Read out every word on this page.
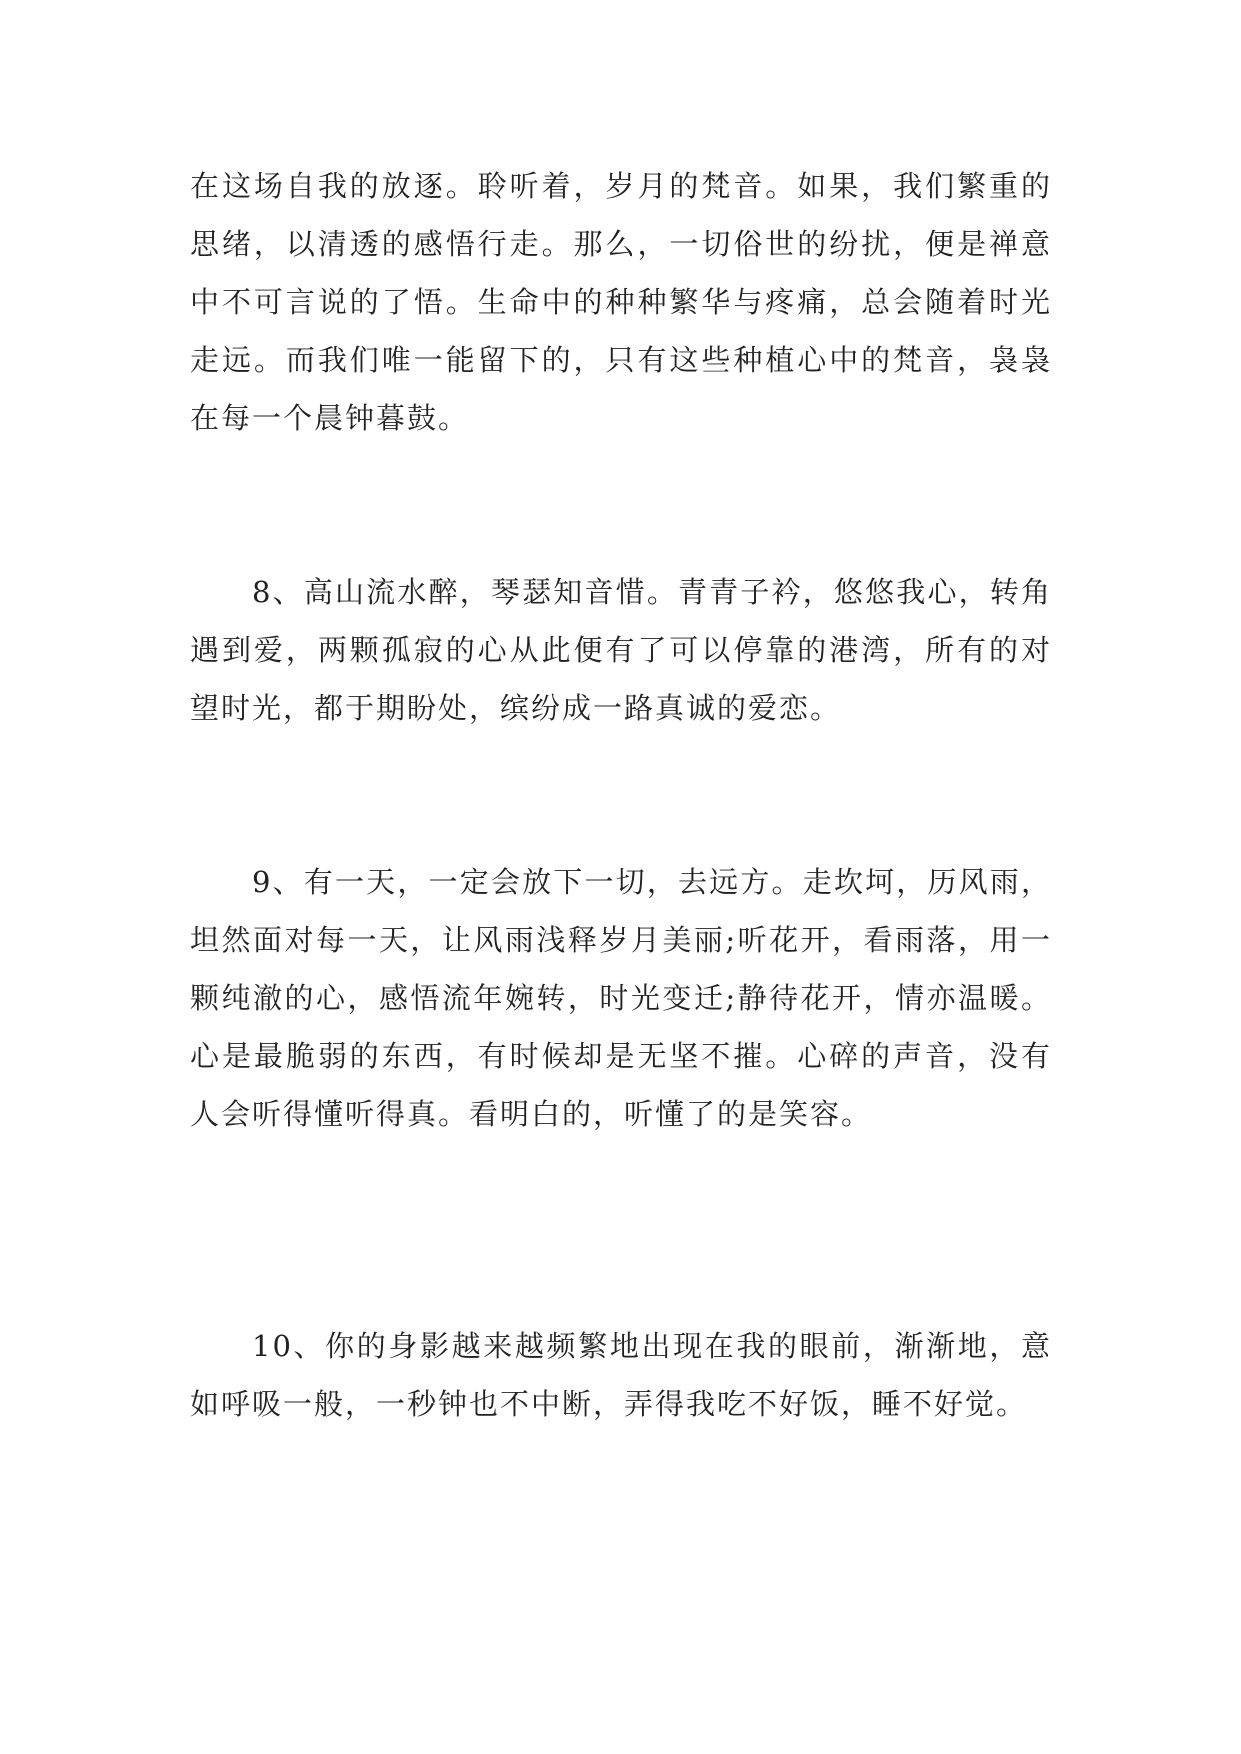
在这场自我的放逐。聆听着，岁月的梵音。如果，我们繁重的思绪，以清透的感悟行走。那么，一切俗世的纷扰，便是禅意中不可言说的了悟。生命中的种种繁华与疼痛，总会随着时光走远。而我们唯一能留下的，只有这些种植心中的梵音，袅袅在每一个晨钟暮鼓。

8、高山流水醉，琴瑟知音惜。青青子衿，悠悠我心，转角遇到爱，两颗孤寂的心从此便有了可以停靠的港湾，所有的对望时光，都于期盼处，缤纷成一路真诚的爱恋。

9、有一天，一定会放下一切，去远方。走坎坷，历风雨，坦然面对每一天，让风雨浅释岁月美丽;听花开，看雨落，用一颗纯澈的心，感悟流年婉转，时光变迁;静待花开，情亦温暖。心是最脆弱的东西，有时候却是无坚不摧。心碎的声音，没有人会听得懂听得真。看明白的，听懂了的是笑容。

10、你的身影越来越频繁地出现在我的眼前，渐渐地，意如呼吸一般，一秒钟也不中断，弄得我吃不好饭，睡不好觉。
